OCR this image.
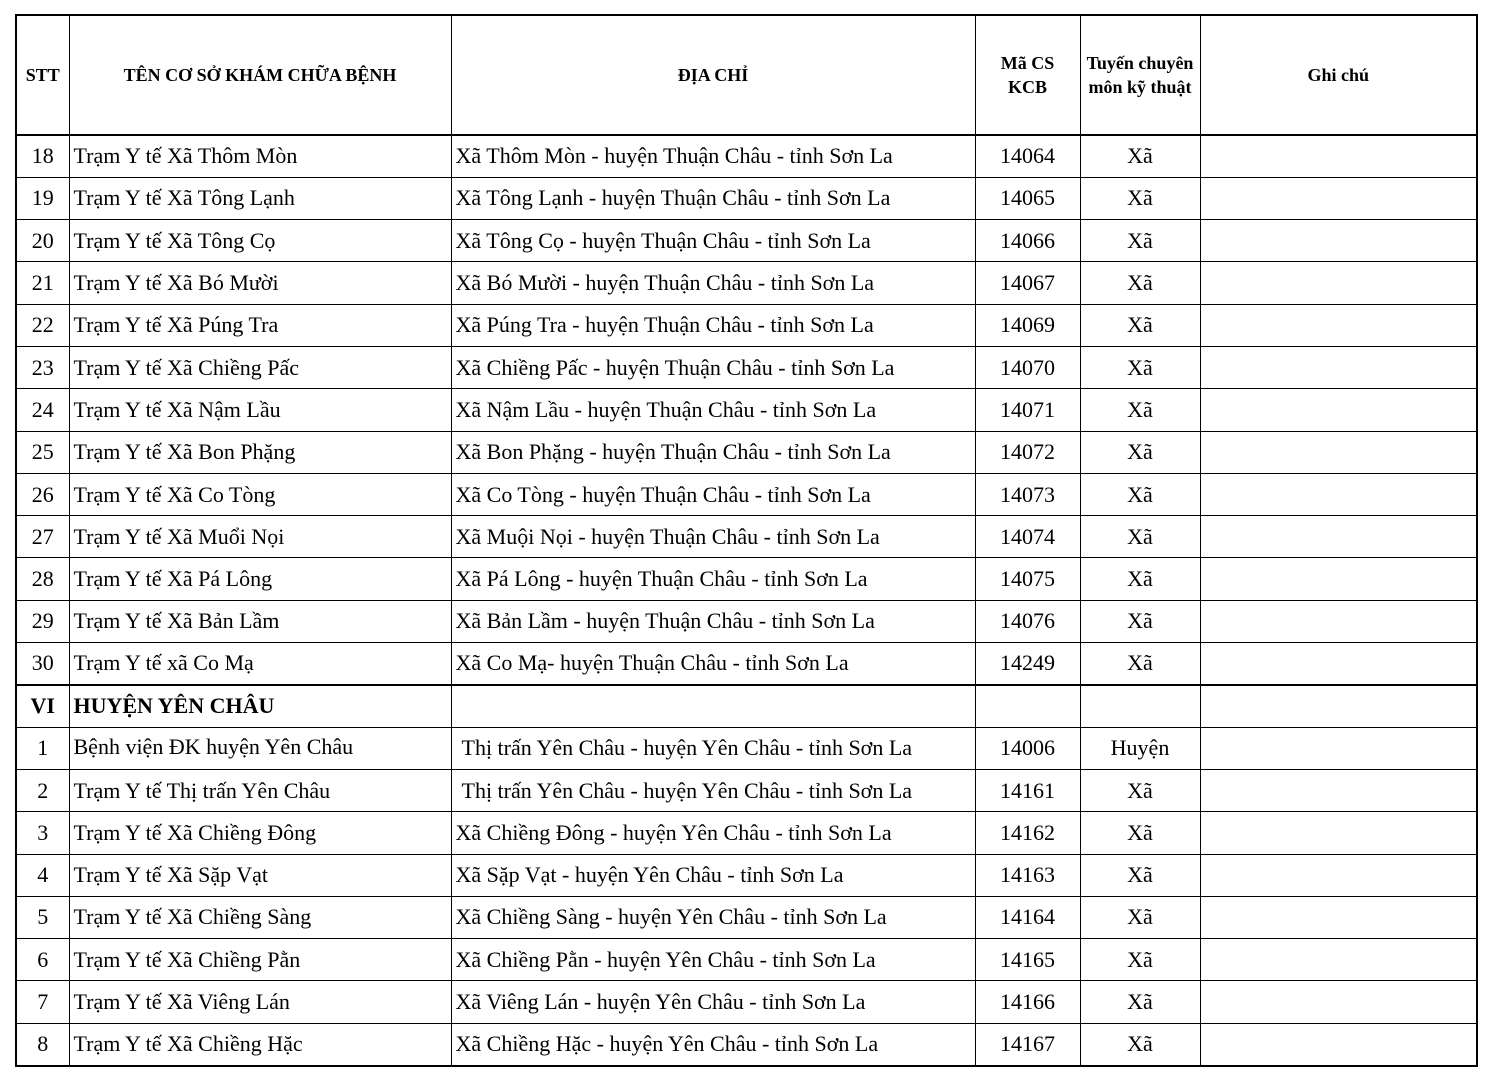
STT	TÊN CƠ SỞ KHÁM CHỮA BỆNH	ĐỊA CHỈ	Mã CS KCB	Tuyến chuyên môn kỹ thuật	Ghi chú
18	Trạm Y tế Xã Thôm Mòn	Xã Thôm Mòn - huyện Thuận Châu - tỉnh Sơn La	14064	Xã	
19	Trạm Y tế Xã Tông Lạnh	Xã Tông Lạnh - huyện Thuận Châu - tỉnh Sơn La	14065	Xã	
20	Trạm Y tế Xã Tông Cọ	Xã Tông Cọ - huyện Thuận Châu - tỉnh Sơn La	14066	Xã	
21	Trạm Y tế Xã Bó Mười	Xã Bó Mười - huyện Thuận Châu - tỉnh Sơn La	14067	Xã	
22	Trạm Y tế Xã Púng Tra	Xã Púng Tra - huyện Thuận Châu - tỉnh Sơn La	14069	Xã	
23	Trạm Y tế Xã Chiềng Pấc	Xã Chiềng Pấc - huyện Thuận Châu - tỉnh Sơn La	14070	Xã	
24	Trạm Y tế Xã Nậm Lầu	Xã Nậm Lầu - huyện Thuận Châu - tỉnh Sơn La	14071	Xã	
25	Trạm Y tế Xã Bon Phặng	Xã Bon Phặng - huyện Thuận Châu - tỉnh Sơn La	14072	Xã	
26	Trạm Y tế Xã Co Tòng	Xã Co Tòng - huyện Thuận Châu - tỉnh Sơn La	14073	Xã	
27	Trạm Y tế Xã Muổi Nọi	Xã Muội Nọi - huyện Thuận Châu - tỉnh Sơn La	14074	Xã	
28	Trạm Y tế Xã Pá Lông	Xã Pá Lông - huyện Thuận Châu - tỉnh Sơn La	14075	Xã	
29	Trạm Y tế Xã Bản Lầm	Xã Bản Lầm - huyện Thuận Châu - tỉnh Sơn La	14076	Xã	
30	Trạm Y tế xã Co Mạ	Xã Co Mạ- huyện Thuận Châu - tỉnh Sơn La	14249	Xã	
VI	HUYỆN YÊN CHÂU				
1	Bệnh viện ĐK huyện Yên Châu	Thị trấn Yên Châu - huyện Yên Châu - tỉnh Sơn La	14006	Huyện	
2	Trạm Y tế Thị trấn Yên Châu	Thị trấn Yên Châu - huyện Yên Châu - tỉnh Sơn La	14161	Xã	
3	Trạm Y tế Xã Chiềng Đông	Xã Chiềng Đông - huyện Yên Châu - tỉnh Sơn La	14162	Xã	
4	Trạm Y tế Xã Sặp Vạt	Xã Sặp Vạt - huyện Yên Châu - tỉnh Sơn La	14163	Xã	
5	Trạm Y tế Xã Chiềng Sàng	Xã Chiềng Sàng - huyện Yên Châu - tỉnh Sơn La	14164	Xã	
6	Trạm Y tế Xã Chiềng Pằn	Xã Chiềng Pằn - huyện Yên Châu - tỉnh Sơn La	14165	Xã	
7	Trạm Y tế Xã Viêng Lán	Xã Viêng Lán - huyện Yên Châu - tỉnh Sơn La	14166	Xã	
8	Trạm Y tế Xã Chiềng Hặc	Xã Chiềng Hặc - huyện Yên Châu - tỉnh Sơn La	14167	Xã	
